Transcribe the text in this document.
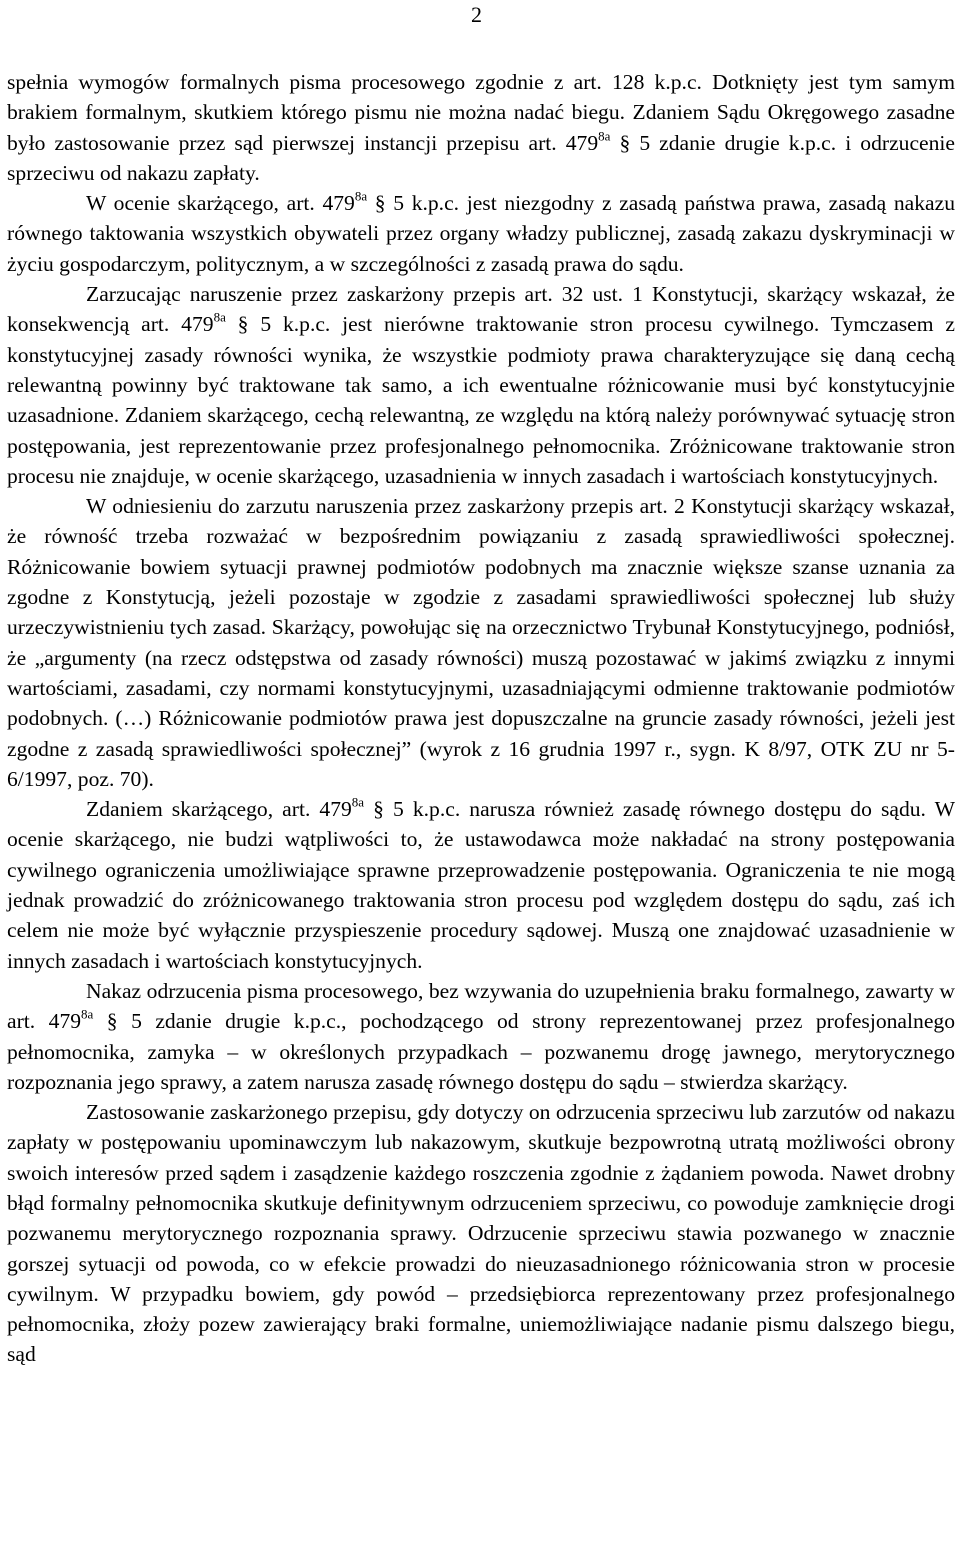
2

spełnia wymogów formalnych pisma procesowego zgodnie z art. 128 k.p.c. Dotknięty jest tym samym brakiem formalnym, skutkiem którego pismu nie można nadać biegu. Zdaniem Sądu Okręgowego zasadne było zastosowanie przez sąd pierwszej instancji przepisu art. $479^{8a}$ § 5 zdanie drugie k.p.c. i odrzucenie sprzeciwu od nakazu zapłaty.

W ocenie skarżącego, art. $479^{8a}$ § 5 k.p.c. jest niezgodny z zasadą państwa prawa, zasadą nakazu równego taktowania wszystkich obywateli przez organy władzy publicznej, zasadą zakazu dyskryminacji w życiu gospodarczym, politycznym, a w szczególności z zasadą prawa do sądu.

Zarzucając naruszenie przez zaskarżony przepis art. 32 ust. 1 Konstytucji, skarżący wskazał, że konsekwencją art. $479^{8a}$ § 5 k.p.c. jest nierówne traktowanie stron procesu cywilnego. Tymczasem z konstytucyjnej zasady równości wynika, że wszystkie podmioty prawa charakteryzujące się daną cechą relewantną powinny być traktowane tak samo, a ich ewentualne różnicowanie musi być konstytucyjnie uzasadnione. Zdaniem skarżącego, cechą relewantną, ze względu na którą należy porównywać sytuację stron postępowania, jest reprezentowanie przez profesjonalnego pełnomocnika. Zróżnicowane traktowanie stron procesu nie znajduje, w ocenie skarżącego, uzasadnienia w innych zasadach i wartościach konstytucyjnych.

W odniesieniu do zarzutu naruszenia przez zaskarżony przepis art. 2 Konstytucji skarżący wskazał, że równość trzeba rozważać w bezpośrednim powiązaniu z zasadą sprawiedliwości społecznej. Różnicowanie bowiem sytuacji prawnej podmiotów podobnych ma znacznie większe szanse uznania za zgodne z Konstytucją, jeżeli pozostaje w zgodzie z zasadami sprawiedliwości społecznej lub służy urzeczywistnieniu tych zasad. Skarżący, powołując się na orzecznictwo Trybunał Konstytucyjnego, podniósł, że „argumenty (na rzecz odstępstwa od zasady równości) muszą pozostawać w jakimś związku z innymi wartościami, zasadami, czy normami konstytucyjnymi, uzasadniającymi odmienne traktowanie podmiotów podobnych. (…) Różnicowanie podmiotów prawa jest dopuszczalne na gruncie zasady równości, jeżeli jest zgodne z zasadą sprawiedliwości społecznej” (wyrok z 16 grudnia 1997 r., sygn. K 8/97, OTK ZU nr 5-6/1997, poz. 70).

Zdaniem skarżącego, art. $479^{8a}$ § 5 k.p.c. narusza również zasadę równego dostępu do sądu. W ocenie skarżącego, nie budzi wątpliwości to, że ustawodawca może nakładać na strony postępowania cywilnego ograniczenia umożliwiające sprawne przeprowadzenie postępowania. Ograniczenia te nie mogą jednak prowadzić do zróżnicowanego traktowania stron procesu pod względem dostępu do sądu, zaś ich celem nie może być wyłącznie przyspieszenie procedury sądowej. Muszą one znajdować uzasadnienie w innych zasadach i wartościach konstytucyjnych.

Nakaz odrzucenia pisma procesowego, bez wzywania do uzupełnienia braku formalnego, zawarty w art. $479^{8a}$ § 5 zdanie drugie k.p.c., pochodzącego od strony reprezentowanej przez profesjonalnego pełnomocnika, zamyka – w określonych przypadkach – pozwanemu drogę jawnego, merytorycznego rozpoznania jego sprawy, a zatem narusza zasadę równego dostępu do sądu – stwierdza skarżący.

Zastosowanie zaskarżonego przepisu, gdy dotyczy on odrzucenia sprzeciwu lub zarzutów od nakazu zapłaty w postępowaniu upominawczym lub nakazowym, skutkuje bezpowrotną utratą możliwości obrony swoich interesów przed sądem i zasądzenie każdego roszczenia zgodnie z żądaniem powoda. Nawet drobny błąd formalny pełnomocnika skutkuje definitywnym odrzuceniem sprzeciwu, co powoduje zamknięcie drogi pozwanemu merytorycznego rozpoznania sprawy. Odrzucenie sprzeciwu stawia pozwanego w znacznie gorszej sytuacji od powoda, co w efekcie prowadzi do nieuzasadnionego różnicowania stron w procesie cywilnym. W przypadku bowiem, gdy powód – przedsiębiorca reprezentowany przez profesjonalnego pełnomocnika, złoży pozew zawierający braki formalne, uniemożliwiające nadanie pismu dalszego biegu, sąd
